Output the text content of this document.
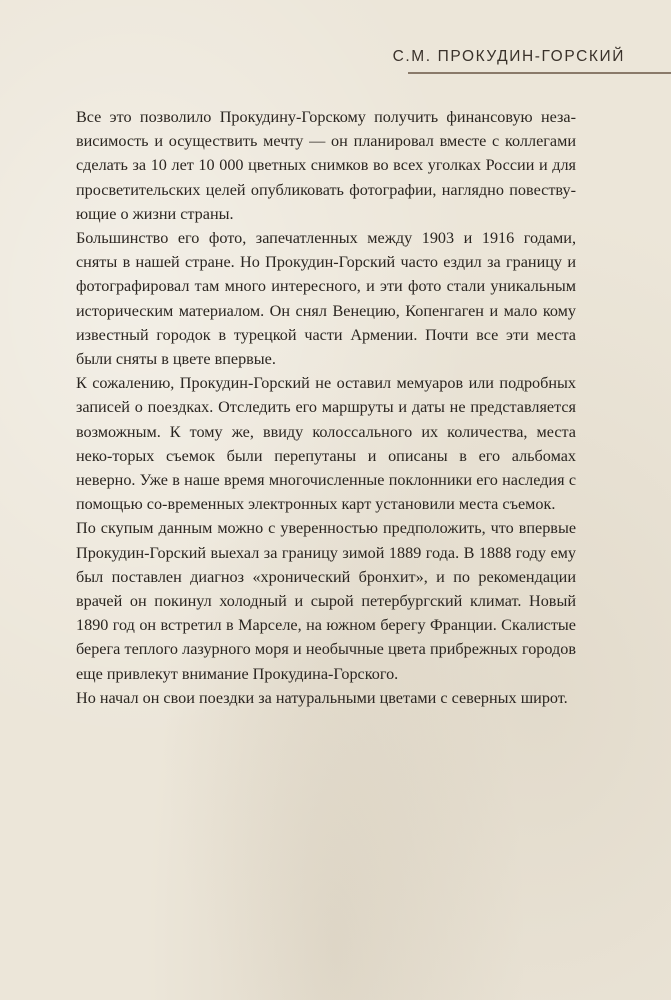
С.М. ПРОКУДИН-ГОРСКИЙ

Все это позволило Прокудину-Горскому получить финансовую неза-висимость и осуществить мечту — он планировал вместе с коллегами сделать за 10 лет 10 000 цветных снимков во всех уголках России и для просветительских целей опубликовать фотографии, наглядно повеству-ющие о жизни страны.

Большинство его фото, запечатленных между 1903 и 1916 годами, сняты в нашей стране. Но Прокудин-Горский часто ездил за границу и фотографировал там много интересного, и эти фото стали уникальным историческим материалом. Он снял Венецию, Копенгаген и мало кому известный городок в турецкой части Армении. Почти все эти места были сняты в цвете впервые.

К сожалению, Прокудин-Горский не оставил мемуаров или подробных записей о поездках. Отследить его маршруты и даты не представляется возможным. К тому же, ввиду колоссального их количества, места неко-торых съемок были перепутаны и описаны в его альбомах неверно. Уже в наше время многочисленные поклонники его наследия с помощью со-временных электронных карт установили места съемок.

По скупым данным можно с уверенностью предположить, что впервые Прокудин-Горский выехал за границу зимой 1889 года. В 1888 году ему был поставлен диагноз «хронический бронхит», и по рекомендации врачей он покинул холодный и сырой петербургский климат. Новый 1890 год он встретил в Марселе, на южном берегу Франции. Скалистые берега теплого лазурного моря и необычные цвета прибрежных городов еще привлекут внимание Прокудина-Горского.

Но начал он свои поездки за натуральными цветами с северных широт.
